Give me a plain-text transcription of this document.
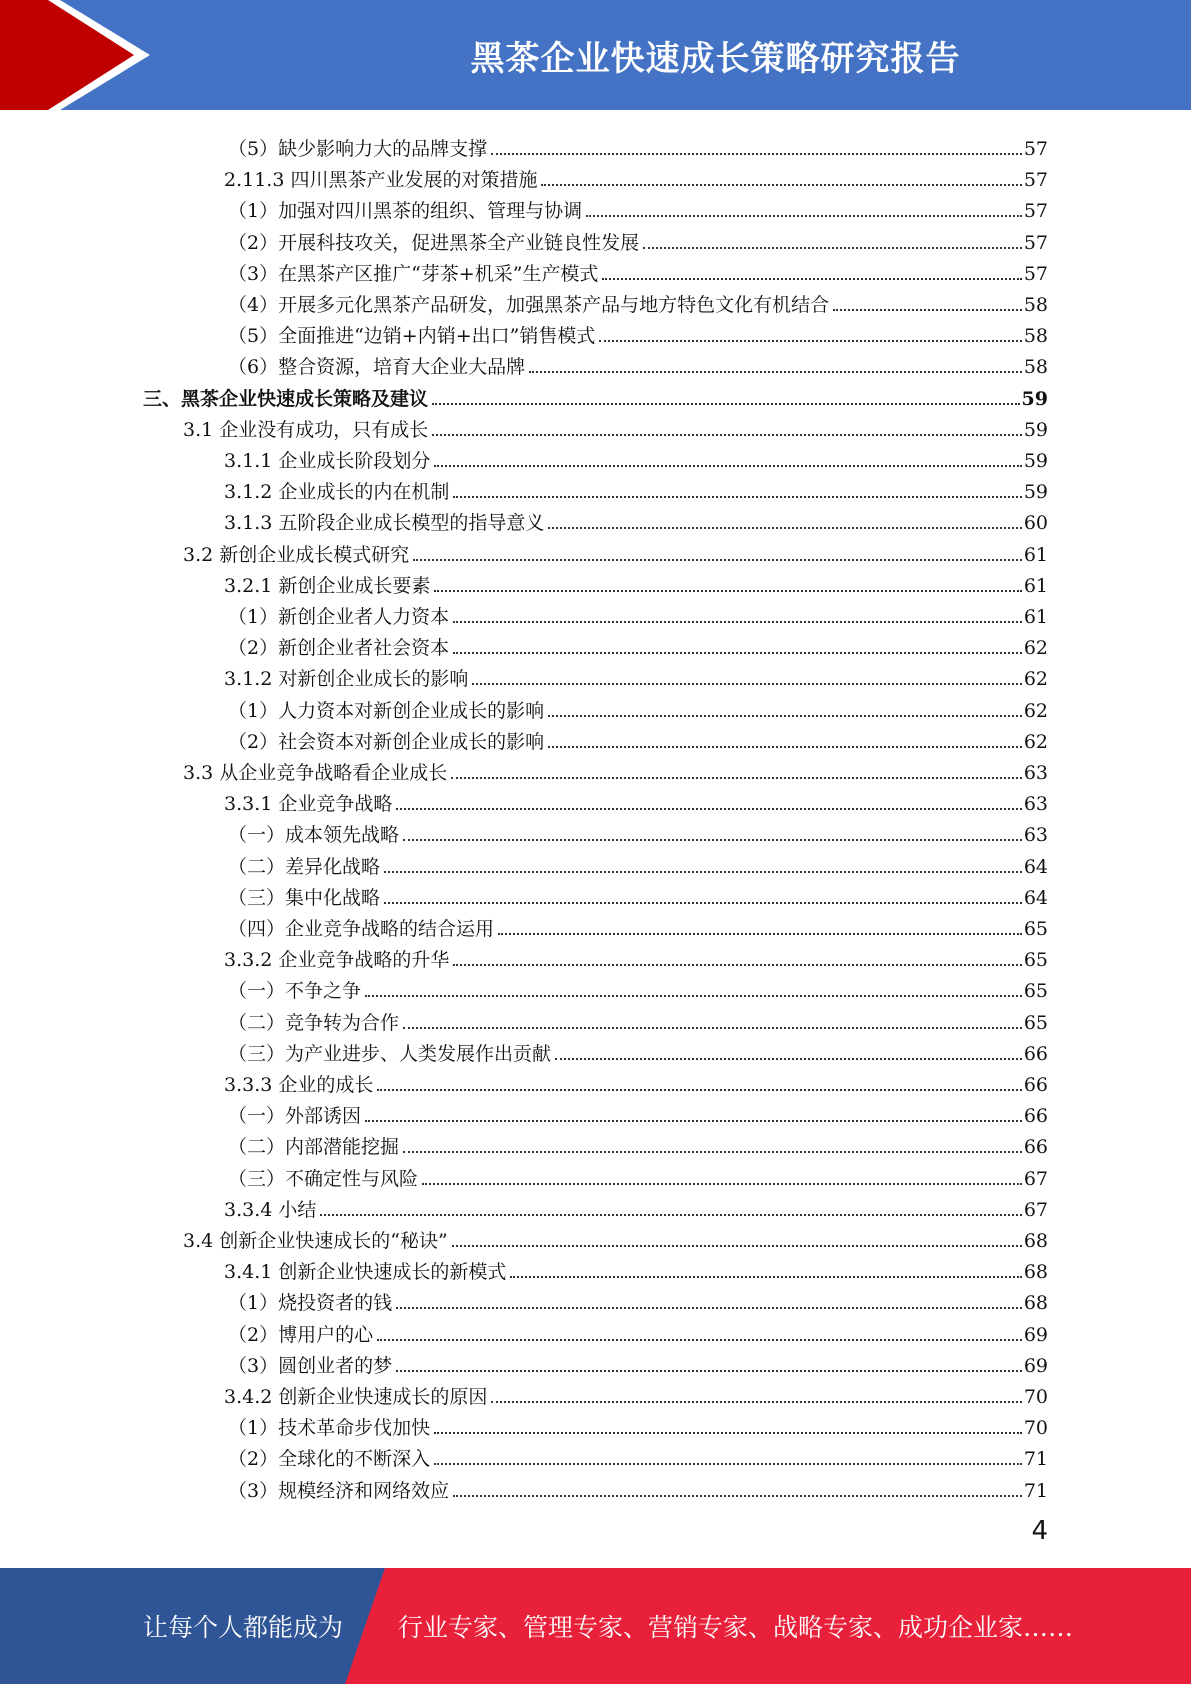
黑茶企业快速成长策略研究报告
（5）缺少影响力大的品牌支撑	57
2.11.3 四川黑茶产业发展的对策措施	57
（1）加强对四川黑茶的组织、管理与协调	57
（2）开展科技攻关，促进黑茶全产业链良性发展	57
（3）在黑茶产区推广“芽茶+机采”生产模式	57
（4）开展多元化黑茶产品研发，加强黑茶产品与地方特色文化有机结合	58
（5）全面推进“边销+内销+出口”销售模式	58
（6）整合资源，培育大企业大品牌	58
三、黑茶企业快速成长策略及建议	59
3.1 企业没有成功，只有成长	59
3.1.1 企业成长阶段划分	59
3.1.2 企业成长的内在机制	59
3.1.3 五阶段企业成长模型的指导意义	60
3.2 新创企业成长模式研究	61
3.2.1 新创企业成长要素	61
（1）新创企业者人力资本	61
（2）新创企业者社会资本	62
3.1.2 对新创企业成长的影响	62
（1）人力资本对新创企业成长的影响	62
（2）社会资本对新创企业成长的影响	62
3.3 从企业竞争战略看企业成长	63
3.3.1 企业竞争战略	63
（一）成本领先战略	63
（二）差异化战略	64
（三）集中化战略	64
（四）企业竞争战略的结合运用	65
3.3.2 企业竞争战略的升华	65
（一）不争之争	65
（二）竞争转为合作	65
（三）为产业进步、人类发展作出贡献	66
3.3.3 企业的成长	66
（一）外部诱因	66
（二）内部潜能挖掘	66
（三）不确定性与风险	67
3.3.4 小结	67
3.4 创新企业快速成长的“秘诀”	68
3.4.1 创新企业快速成长的新模式	68
（1）烧投资者的钱	68
（2）博用户的心	69
（3）圆创业者的梦	69
3.4.2 创新企业快速成长的原因	70
（1）技术革命步伐加快	70
（2）全球化的不断深入	71
（3）规模经济和网络效应	71
4
让每个人都能成为 行业专家、管理专家、营销专家、战略专家、成功企业家……
